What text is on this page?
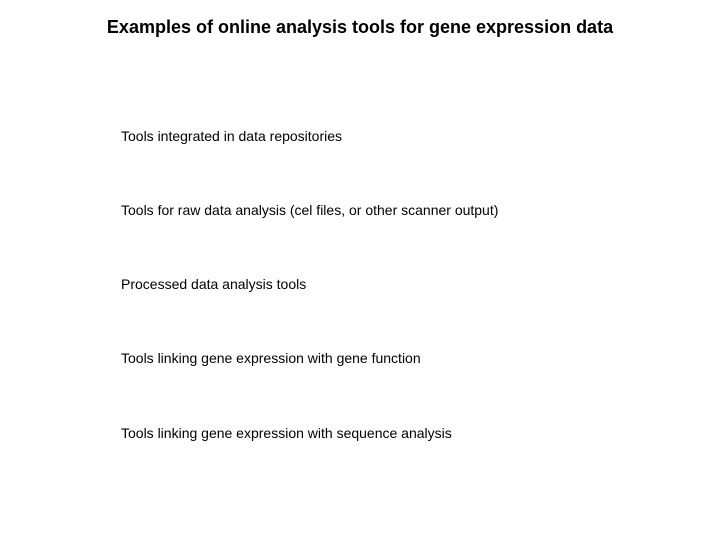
Examples of online analysis tools for gene expression data
Tools integrated in data repositories
Tools for raw data analysis (cel files, or other scanner output)
Processed data analysis tools
Tools linking gene expression with gene function
Tools linking gene expression with sequence analysis
